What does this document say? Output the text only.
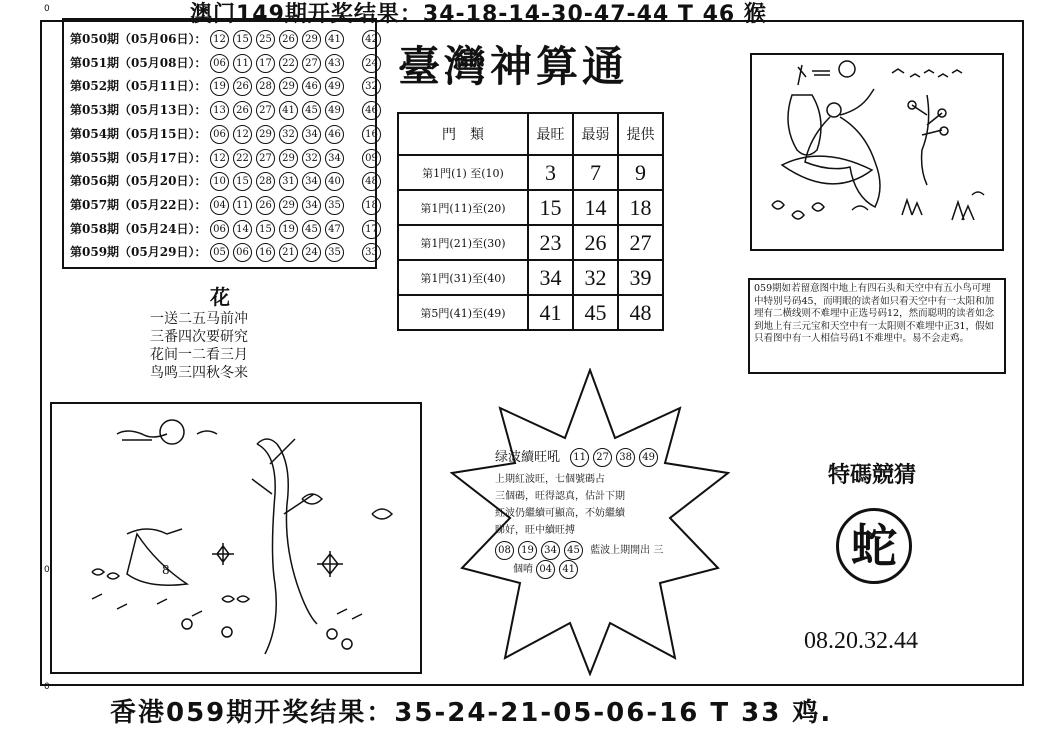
澳门149期开奖结果：34-18-14-30-47-44 T 46 猴
0
0
0
第050期（05月06日）： 12 15 25 26 29 41 42
第051期（05月08日）： 06 11 17 22 27 43 24
第052期（05月11日）： 19 26 28 29 46 49 32
第053期（05月13日）： 13 26 27 41 45 49 46
第054期（05月15日）： 06 12 29 32 34 46 16
第055期（05月17日）： 12 22 27 29 32 34 09
第056期（05月20日）： 10 15 28 31 34 40 48
第057期（05月22日）： 04 11 26 29 34 35 18
第058期（05月24日）： 06 14 15 19 45 47 17
第059期（05月29日）： 05 06 16 21 24 35 33
臺灣神算通
門　類	最旺	最弱	提供
第1門(1) 至(10)	3	7	9
第1門(11)至(20)	15	14	18
第1門(21)至(30)	23	26	27
第1門(31)至(40)	34	32	39
第5門(41)至(49)	41	45	48
花
一送二五马前冲
三番四次要研究
花间一二看三月
鸟鸣三四秋冬来
059期如若留意图中地上有四石头和天空中有五小鸟可埋中特别号码45，而明眼的读者如只看天空中有一太阳和加埋有二横线则不难埋中正选号码12，然而聪明的读者如念到地上有三元宝和天空中有一太阳则不难埋中正31，假如只看图中有一人相信号码1不难埋中。易不会走鸡。
8
绿波續旺吼 11 27 38 49
上期紅波旺，七個號碼占
三個碼，旺得認真，估計下期
紅波仍繼續可顯高，不妨繼續
睇好，旺中續旺搏
08 19 34 45 藍波上期開出 三
個唷 04 41
特碼競猜
蛇
08.20.32.44
香港059期开奖结果：35-24-21-05-06-16 T 33 鸡.
